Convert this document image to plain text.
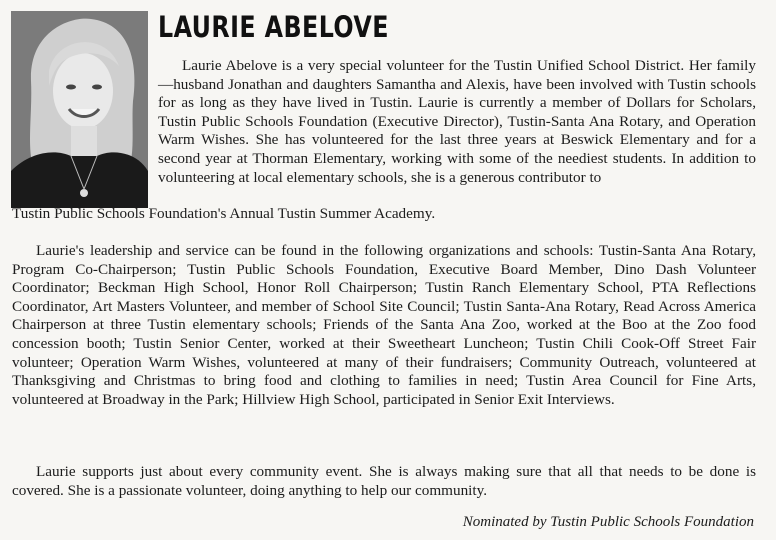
LAURIE ABELOVE

Laurie Abelove is a very special volunteer for the Tustin Unified School District. Her family—husband Jonathan and daughters Samantha and Alexis, have been involved with Tustin schools for as long as they have lived in Tustin. Laurie is currently a member of Dollars for Scholars, Tustin Public Schools Foundation (Executive Director), Tustin-Santa Ana Rotary, and Operation Warm Wishes. She has volunteered for the last three years at Beswick Elementary and for a second year at Thorman Elementary, working with some of the neediest students. In addition to volunteering at local elementary schools, she is a generous contributor to

Tustin Public Schools Foundation's Annual Tustin Summer Academy.

Laurie's leadership and service can be found in the following organizations and schools: Tustin-Santa Ana Rotary, Program Co-Chairperson; Tustin Public Schools Foundation, Executive Board Member, Dino Dash Volunteer Coordinator; Beckman High School, Honor Roll Chairperson; Tustin Ranch Elementary School, PTA Reflections Coordinator, Art Masters Volunteer, and member of School Site Council; Tustin Santa-Ana Rotary, Read Across America Chairperson at three Tustin elementary schools; Friends of the Santa Ana Zoo, worked at the Boo at the Zoo food concession booth; Tustin Senior Center, worked at their Sweetheart Luncheon; Tustin Chili Cook-Off Street Fair volunteer; Operation Warm Wishes, volunteered at many of their fundraisers; Community Outreach, volunteered at Thanksgiving and Christmas to bring food and clothing to families in need; Tustin Area Council for Fine Arts, volunteered at Broadway in the Park; Hillview High School, participated in Senior Exit Interviews.

Laurie supports just about every community event. She is always making sure that all that needs to be done is covered. She is a passionate volunteer, doing anything to help our community.

Nominated by Tustin Public Schools Foundation
